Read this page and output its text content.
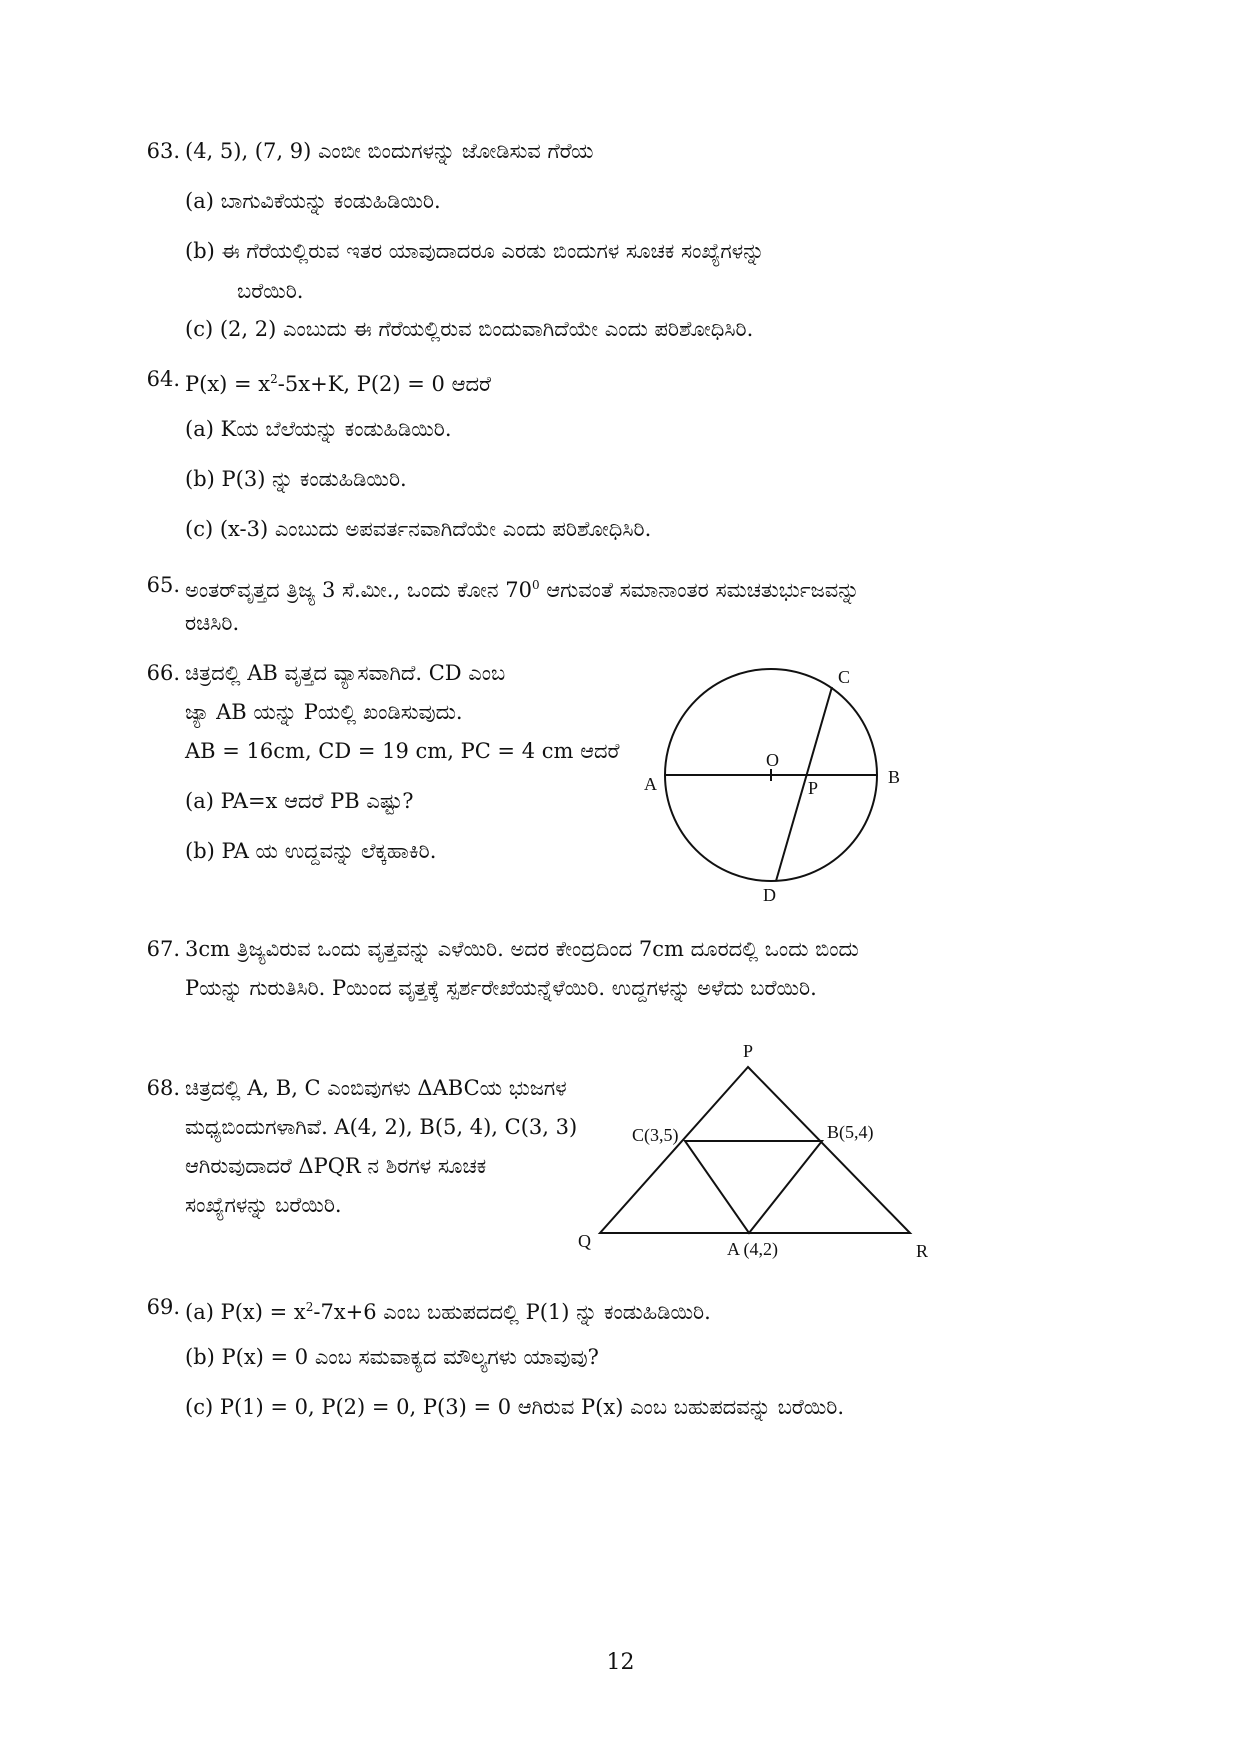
63. (4, 5), (7, 9) ಎಂಬೀ ಬಿಂದುಗಳನ್ನು ಜೋಡಿಸುವ ಗೆರೆಯ
(a) ಬಾಗುವಿಕೆಯನ್ನು ಕಂಡುಹಿಡಿಯಿರಿ.
(b) ಈ ಗೆರೆಯಲ್ಲಿರುವ ಇತರ ಯಾವುದಾದರೂ ಎರಡು ಬಿಂದುಗಳ ಸೂಚಕ ಸಂಖ್ಯೆಗಳನ್ನು
ಬರೆಯಿರಿ.
(c) (2, 2) ಎಂಬುದು ಈ ಗೆರೆಯಲ್ಲಿರುವ ಬಿಂದುವಾಗಿದೆಯೇ ಎಂದು ಪರಿಶೋಧಿಸಿರಿ.
64. $P(x) = x^2-5x+K$, P(2) = 0 ಆದರೆ
(a) Kಯ ಬೆಲೆಯನ್ನು ಕಂಡುಹಿಡಿಯಿರಿ.
(b) P(3) ನ್ನು ಕಂಡುಹಿಡಿಯಿರಿ.
(c) (x-3) ಎಂಬುದು ಅಪವರ್ತನವಾಗಿದೆಯೇ ಎಂದು ಪರಿಶೋಧಿಸಿರಿ.
65. ಅಂತರ್‌ವೃತ್ತದ ತ್ರಿಜ್ಯ 3 ಸೆ.ಮೀ., ಒಂದು ಕೋನ $70^0$ ಆಗುವಂತೆ ಸಮಾನಾಂತರ ಸಮಚತುರ್ಭುಜವನ್ನು
ರಚಿಸಿರಿ.
66. ಚಿತ್ರದಲ್ಲಿ AB ವೃತ್ತದ ವ್ಯಾಸವಾಗಿದೆ. CD ಎಂಬ
ಜ್ಯಾ AB ಯನ್ನು Pಯಲ್ಲಿ ಖಂಡಿಸುವುದು.
AB = 16cm, CD = 19 cm, PC = 4 cm ಆದರೆ
(a) PA=x ಆದರೆ PB ಎಷ್ಟು?
(b) PA ಯ ಉದ್ದವನ್ನು ಲೆಕ್ಕಹಾಕಿರಿ.
A	B
C
D
O
P
67. 3cm ತ್ರಿಜ್ಯವಿರುವ ಒಂದು ವೃತ್ತವನ್ನು ಎಳೆಯಿರಿ. ಅದರ ಕೇಂದ್ರದಿಂದ 7cm ದೂರದಲ್ಲಿ ಒಂದು ಬಿಂದು
Pಯನ್ನು ಗುರುತಿಸಿರಿ. Pಯಿಂದ ವೃತ್ತಕ್ಕೆ ಸ್ಪರ್ಶರೇಖೆಯನ್ನೆಳೆಯಿರಿ. ಉದ್ದಗಳನ್ನು ಅಳೆದು ಬರೆಯಿರಿ.
68. ಚಿತ್ರದಲ್ಲಿ A, B, C ಎಂಬಿವುಗಳು ΔABCಯ ಭುಜಗಳ
ಮಧ್ಯಬಿಂದುಗಳಾಗಿವೆ. A(4, 2), B(5, 4), C(3, 3)
ಆಗಿರುವುದಾದರೆ ΔPQR ನ ಶಿರಗಳ ಸೂಚಕ
ಸಂಖ್ಯೆಗಳನ್ನು ಬರೆಯಿರಿ.
P
Q	R
A (4,2)
B(5,4)
C(3,5)
69. (a) $P(x) = x^2-7x+6$ ಎಂಬ ಬಹುಪದದಲ್ಲಿ P(1) ನ್ನು ಕಂಡುಹಿಡಿಯಿರಿ.
(b) P(x) = 0 ಎಂಬ ಸಮವಾಕ್ಯದ ಮೌಲ್ಯಗಳು ಯಾವುವು?
(c) P(1) = 0, P(2) = 0, P(3) = 0 ಆಗಿರುವ P(x) ಎಂಬ ಬಹುಪದವನ್ನು ಬರೆಯಿರಿ.
12
